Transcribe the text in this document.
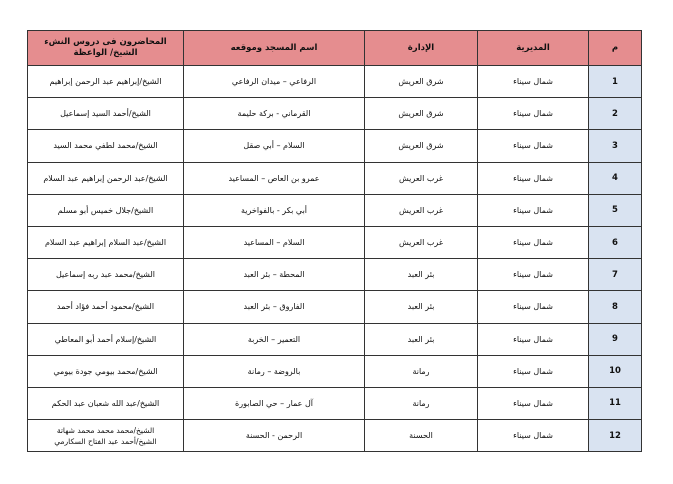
م	المديرية	الإدارة	اسم المسجد وموقعه	المحاضرون فى دروس النشء الشيخ/ الواعظة
1	شمال سيناء	شرق العريش	الرفاعي – ميدان الرفاعي	الشيخ/إبراهيم عبد الرحمن إبراهيم
2	شمال سيناء	شرق العريش	القرماني - بركة حليمة	الشيخ/أحمد السيد إسماعيل
3	شمال سيناء	شرق العريش	السلام – أبي صقل	الشيخ/محمد لطفي محمد السيد
4	شمال سيناء	غرب العريش	عمرو بن العاص – المساعيد	الشيخ/عبد الرحمن إبراهيم عبد السلام
5	شمال سيناء	غرب العريش	أبي بكر - بالفواخرية	الشيخ/جلال خميس أبو مسلم
6	شمال سيناء	غرب العريش	السلام – المساعيد	الشيخ/عبد السلام إبراهيم عبد السلام
7	شمال سيناء	بئر العبد	المحطة – بئر العبد	الشيخ/محمد عبد ربه إسماعيل
8	شمال سيناء	بئر العبد	الفاروق – بئر العبد	الشيخ/محمود أحمد فؤاد أحمد
9	شمال سيناء	بئر العبد	التعمير – الخربة	الشيخ/إسلام أحمد أبو المعاطي
10	شمال سيناء	رمانة	بالروضة – رمانة	الشيخ/محمد بيومي جودة بيومي
11	شمال سيناء	رمانة	آل عمار – حي الصابورة	الشيخ/عبد الله شعبان عبد الحكم
12	شمال سيناء	الحسنة	الرحمن - الحسنة	الشيخ/محمد محمد محمد شهاتة
الشيخ/أحمد عبد الفتاح السكارمي
